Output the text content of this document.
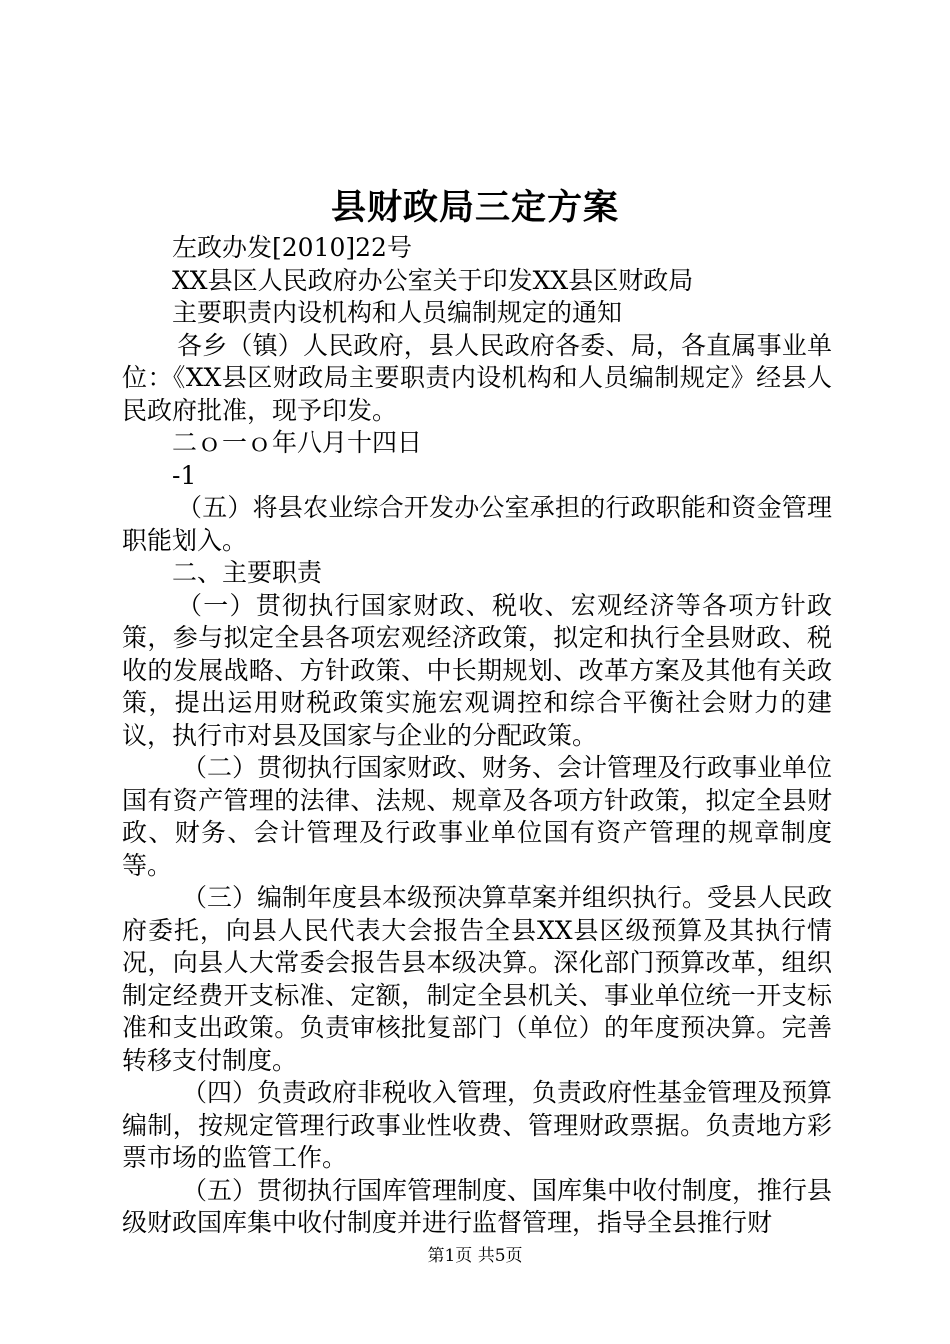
县财政局三定方案

左政办发[2010]22号

XX县区人民政府办公室关于印发XX县区财政局

主要职责内设机构和人员编制规定的通知

各乡（镇）人民政府，县人民政府各委、局，各直属事业单位：《XX县区财政局主要职责内设机构和人员编制规定》经县人民政府批准，现予印发。

二ｏ一ｏ年八月十四日

-1

（五）将县农业综合开发办公室承担的行政职能和资金管理职能划入。

二、主要职责

（一）贯彻执行国家财政、税收、宏观经济等各项方针政策，参与拟定全县各项宏观经济政策，拟定和执行全县财政、税收的发展战略、方针政策、中长期规划、改革方案及其他有关政策，提出运用财税政策实施宏观调控和综合平衡社会财力的建议，执行市对县及国家与企业的分配政策。

（二）贯彻执行国家财政、财务、会计管理及行政事业单位国有资产管理的法律、法规、规章及各项方针政策，拟定全县财政、财务、会计管理及行政事业单位国有资产管理的规章制度等。

（三）编制年度县本级预决算草案并组织执行。受县人民政府委托，向县人民代表大会报告全县XX县区级预算及其执行情况，向县人大常委会报告县本级决算。深化部门预算改革，组织制定经费开支标准、定额，制定全县机关、事业单位统一开支标准和支出政策。负责审核批复部门（单位）的年度预决算。完善转移支付制度。

（四）负责政府非税收入管理，负责政府性基金管理及预算编制，按规定管理行政事业性收费、管理财政票据。负责地方彩票市场的监管工作。

（五）贯彻执行国库管理制度、国库集中收付制度，推行县级财政国库集中收付制度并进行监督管理，指导全县推行财

第1页 共5页
